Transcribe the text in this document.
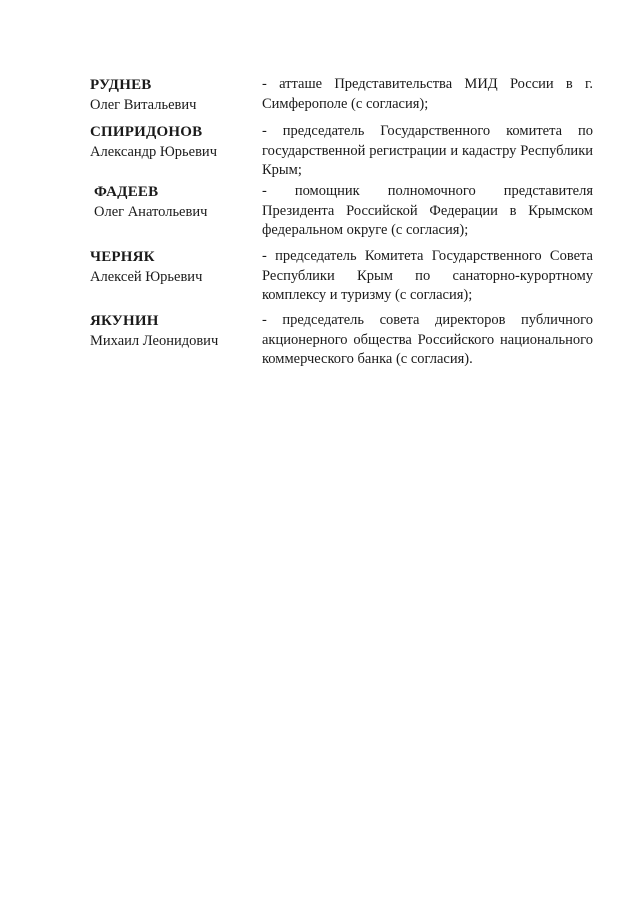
РУДНЕВ
Олег Витальевич
- атташе Представительства МИД России в г. Симферополе (с согласия);
СПИРИДОНОВ
Александр Юрьевич
- председатель Государственного комитета по государственной регистрации и кадастру Республики Крым;
ФАДЕЕВ
Олег Анатольевич
- помощник полномочного представителя Президента Российской Федерации в Крымском федеральном округе (с согласия);
ЧЕРНЯК
Алексей Юрьевич
- председатель Комитета Государственного Совета Республики Крым по санаторно-курортному комплексу и туризму (с согласия);
ЯКУНИН
Михаил Леонидович
- председатель совета директоров публичного акционерного общества Российского национального коммерческого банка (с согласия).
